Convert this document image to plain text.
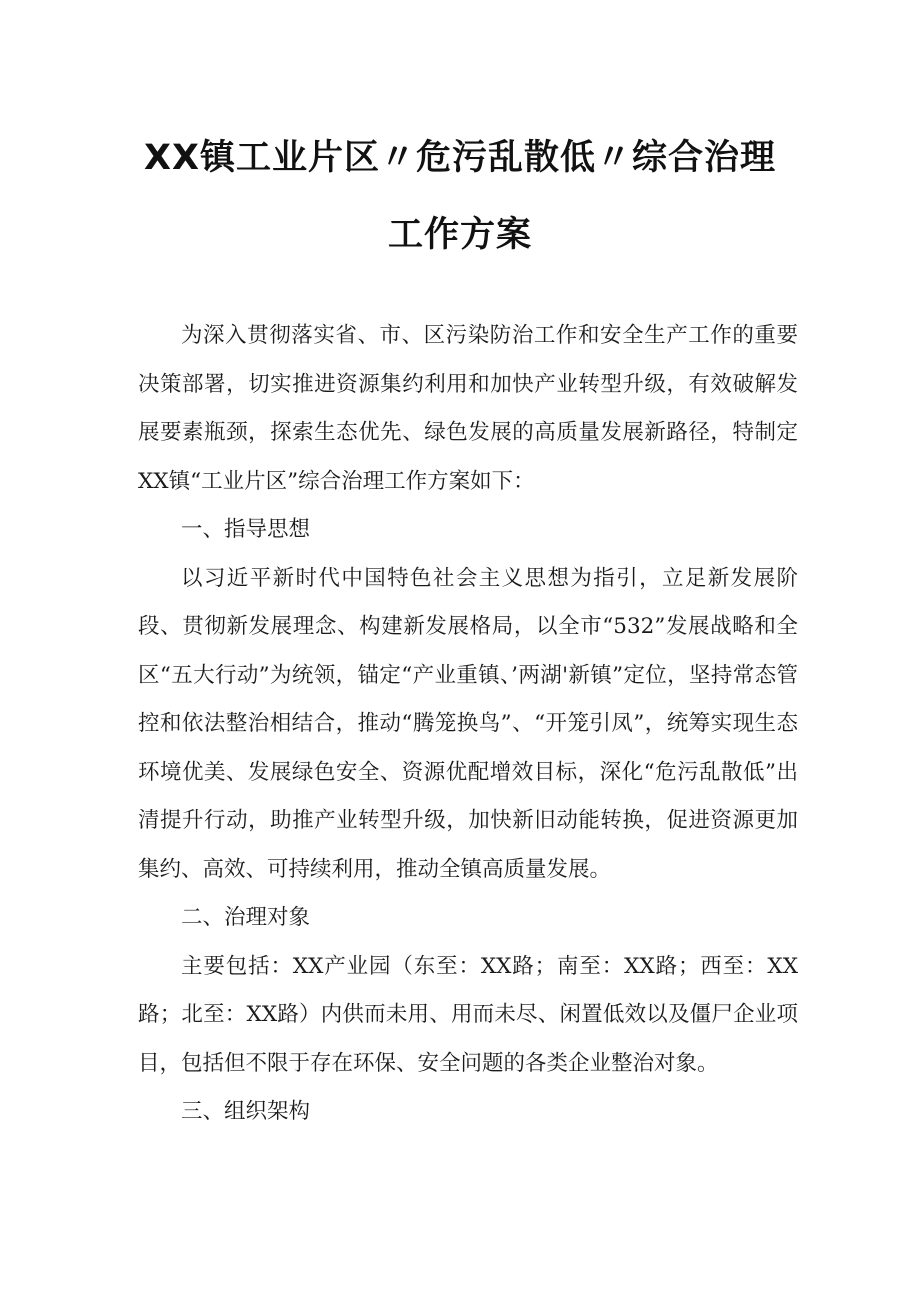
XX镇工业片区〃危污乱散低〃综合治理
工作方案

为深入贯彻落实省、市、区污染防治工作和安全生产工作的重要决策部署，切实推进资源集约利用和加快产业转型升级，有效破解发展要素瓶颈，探索生态优先、绿色发展的高质量发展新路径，特制定XX镇“工业片区”综合治理工作方案如下：

一、指导思想

以习近平新时代中国特色社会主义思想为指引，立足新发展阶段、贯彻新发展理念、构建新发展格局，以全市“532”发展战略和全区“五大行动”为统领，锚定“产业重镇、’两湖'新镇”定位，坚持常态管控和依法整治相结合，推动“腾笼换鸟”、“开笼引凤”，统筹实现生态环境优美、发展绿色安全、资源优配增效目标，深化“危污乱散低”出清提升行动，助推产业转型升级，加快新旧动能转换，促进资源更加集约、高效、可持续利用，推动全镇高质量发展。

二、治理对象

主要包括：XX产业园（东至：XX路；南至：XX路；西至：XX路；北至：XX路）内供而未用、用而未尽、闲置低效以及僵尸企业项目，包括但不限于存在环保、安全问题的各类企业整治对象。

三、组织架构
